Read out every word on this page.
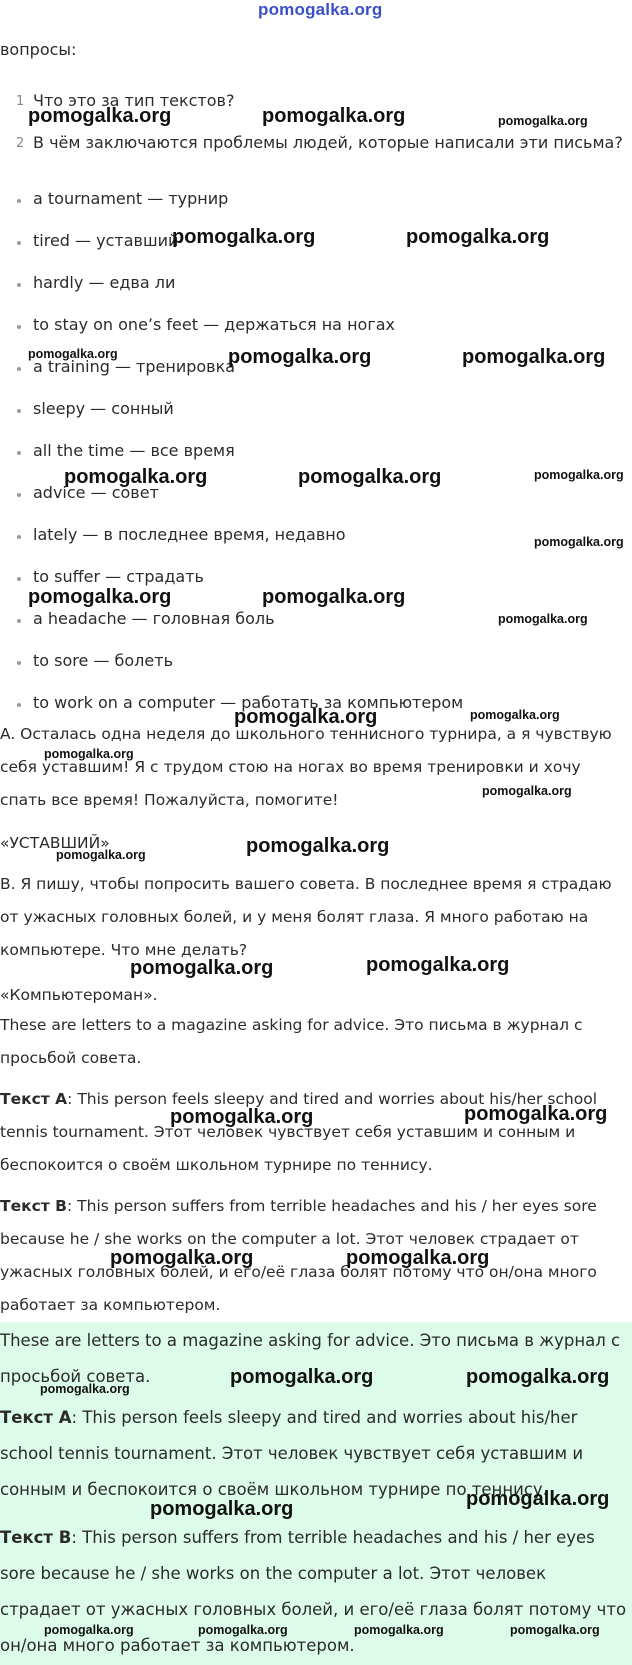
pomogalka.org
вопросы:
1 Что это за тип текстов?
2 В чём заключаются проблемы людей, которые написали эти письма?
a tournament — турнир
tired — уставший
hardly — едва ли
to stay on one’s feet — держаться на ногах
a training — тренировка
sleepy — сонный
all the time — все время
advice — совет
lately — в последнее время, недавно
to suffer — страдать
a headache — головная боль
to sore — болеть
to work on a computer — работать за компьютером
A. Осталась одна неделя до школьного теннисного турнира, а я чувствую себя уставшим! Я с трудом стою на ногах во время тренировки и хочу спать все время! Пожалуйста, помогите!
«УСТАВШИЙ»
B. Я пишу, чтобы попросить вашего совета. В последнее время я страдаю от ужасных головных болей, и у меня болят глаза. Я много работаю на компьютере. Что мне делать?
«Компьютероман».
These are letters to a magazine asking for advice. Это письма в журнал с просьбой совета.
Текст А: This person feels sleepy and tired and worries about his/her school tennis tournament. Этот человек чувствует себя уставшим и сонным и беспокоится о своём школьном турнире по теннису.
Текст В: This person suffers from terrible headaches and his / her eyes sore because he / she works on the computer a lot. Этот человек страдает от ужасных головных болей, и его/её глаза болят потому что он/она много работает за компьютером.
These are letters to a magazine asking for advice. Это письма в журнал с просьбой совета.
Текст А: This person feels sleepy and tired and worries about his/her school tennis tournament. Этот человек чувствует себя уставшим и сонным и беспокоится о своём школьном турнире по теннису.
Текст В: This person suffers from terrible headaches and his / her eyes sore because he / she works on the computer a lot. Этот человек страдает от ужасных головных болей, и его/её глаза болят потому что он/она много работает за компьютером.
pomogalka.org	pomogalka.org	pomogalka.org
pomogalka.org	pomogalka.org
pomogalka.org	pomogalka.org	pomogalka.org
pomogalka.org	pomogalka.org	pomogalka.org
pomogalka.org
pomogalka.org	pomogalka.org
pomogalka.org
pomogalka.org
pomogalka.org
pomogalka.org
pomogalka.org
pomogalka.org	pomogalka.org
pomogalka.org	pomogalka.org
pomogalka.org	pomogalka.org
pomogalka.org	pomogalka.org
pomogalka.org
pomogalka.org	pomogalka.org
pomogalka.org
pomogalka.org
pomogalka.org	pomogalka.org	pomogalka.org	pomogalka.org
